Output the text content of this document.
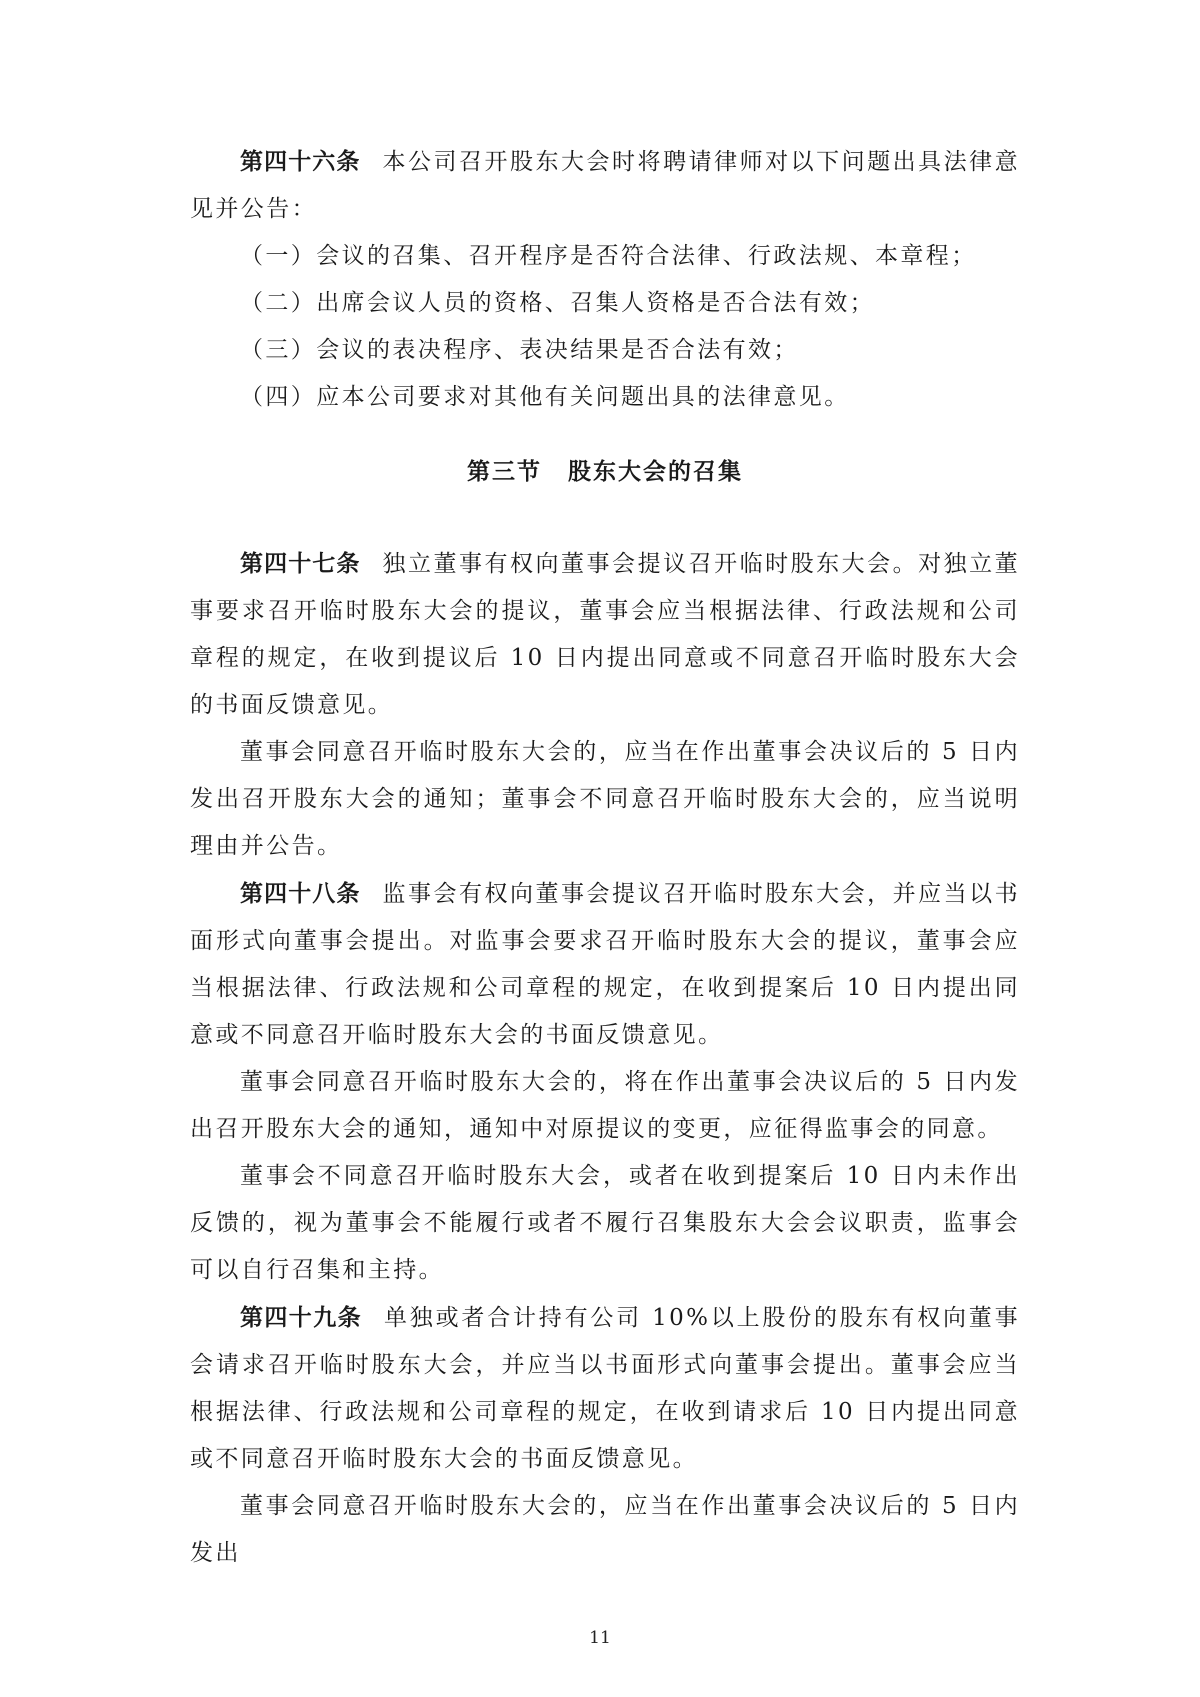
第四十六条 本公司召开股东大会时将聘请律师对以下问题出具法律意见并公告：

（一）会议的召集、召开程序是否符合法律、行政法规、本章程；

（二）出席会议人员的资格、召集人资格是否合法有效；

（三）会议的表决程序、表决结果是否合法有效；

（四）应本公司要求对其他有关问题出具的法律意见。

第三节 股东大会的召集

第四十七条 独立董事有权向董事会提议召开临时股东大会。对独立董事要求召开临时股东大会的提议，董事会应当根据法律、行政法规和公司章程的规定，在收到提议后 10 日内提出同意或不同意召开临时股东大会的书面反馈意见。

董事会同意召开临时股东大会的，应当在作出董事会决议后的 5 日内发出召开股东大会的通知；董事会不同意召开临时股东大会的，应当说明理由并公告。

第四十八条 监事会有权向董事会提议召开临时股东大会，并应当以书面形式向董事会提出。对监事会要求召开临时股东大会的提议，董事会应当根据法律、行政法规和公司章程的规定，在收到提案后 10 日内提出同意或不同意召开临时股东大会的书面反馈意见。

董事会同意召开临时股东大会的，将在作出董事会决议后的 5 日内发出召开股东大会的通知，通知中对原提议的变更，应征得监事会的同意。

董事会不同意召开临时股东大会，或者在收到提案后 10 日内未作出反馈的，视为董事会不能履行或者不履行召集股东大会会议职责，监事会可以自行召集和主持。

第四十九条 单独或者合计持有公司 10%以上股份的股东有权向董事会请求召开临时股东大会，并应当以书面形式向董事会提出。董事会应当根据法律、行政法规和公司章程的规定，在收到请求后 10 日内提出同意或不同意召开临时股东大会的书面反馈意见。

董事会同意召开临时股东大会的，应当在作出董事会决议后的 5 日内发出

11
